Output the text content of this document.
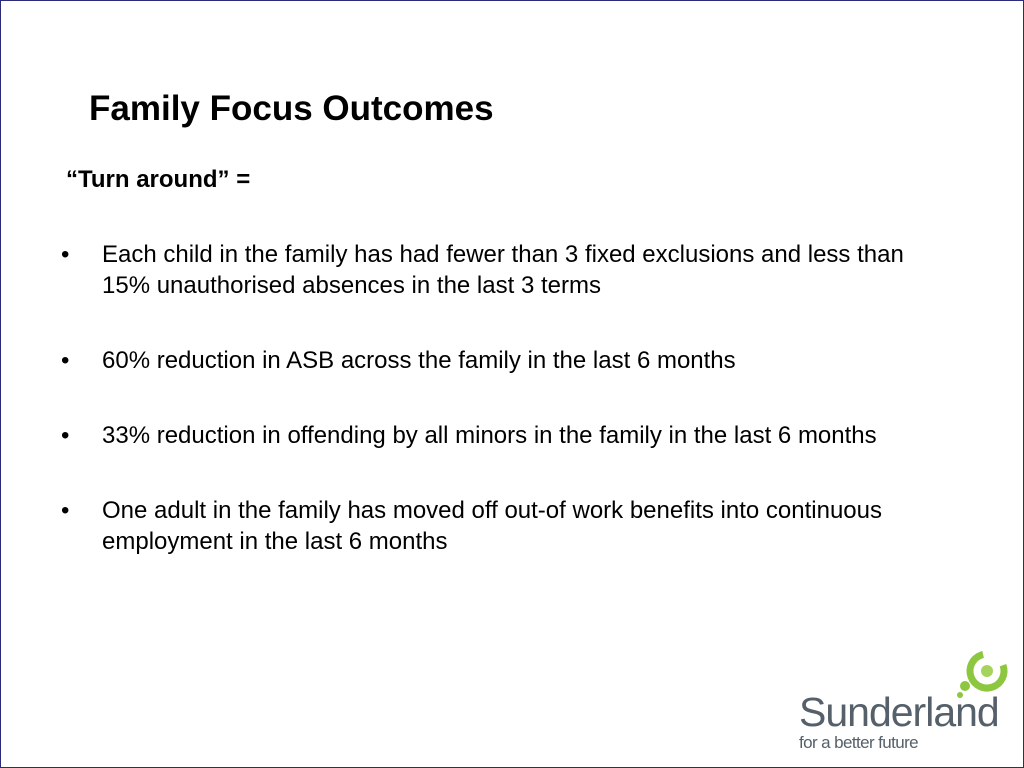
Family Focus Outcomes
“Turn around” =
•	Each child in the family has had fewer than 3 fixed exclusions and less than 15% unauthorised absences in the last 3 terms
•	60% reduction in ASB across the family in the last 6 months
•	33% reduction in offending by all minors in the family in the last 6 months
•	One adult in the family has moved off out-of work benefits into continuous employment in the last 6 months
Sunderland
for a better future
